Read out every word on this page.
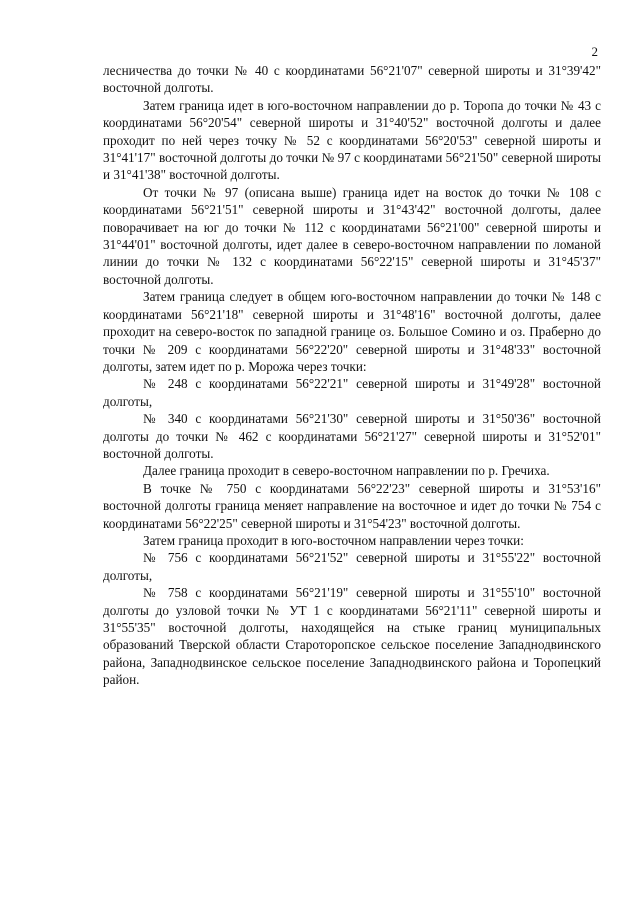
2

лесничества до точки № 40 с координатами 56°21'07" северной широты и 31°39'42" восточной долготы.

Затем граница идет в юго-восточном направлении до р. Торопа до точки № 43 с координатами 56°20'54" северной широты и 31°40'52" восточной долготы и далее проходит по ней через точку № 52 с координатами 56°20'53" северной широты и 31°41'17" восточной долготы до точки № 97 с координатами 56°21'50" северной широты и 31°41'38" восточной долготы.

От точки № 97 (описана выше) граница идет на восток до точки № 108 с координатами 56°21'51" северной широты и 31°43'42" восточной долготы, далее поворачивает на юг до точки № 112 с координатами 56°21'00" северной широты и 31°44'01" восточной долготы, идет далее в северо-восточном направлении по ломаной линии до точки № 132 с координатами 56°22'15" северной широты и 31°45'37" восточной долготы.

Затем граница следует в общем юго-восточном направлении до точки № 148 с координатами 56°21'18" северной широты и 31°48'16" восточной долготы, далее проходит на северо-восток по западной границе оз. Большое Сомино и оз. Праберно до точки № 209 с координатами 56°22'20" северной широты и 31°48'33" восточной долготы, затем идет по р. Морожа через точки:

№ 248 с координатами 56°22'21" северной широты и 31°49'28" восточной долготы,

№ 340 с координатами 56°21'30" северной широты и 31°50'36" восточной долготы до точки № 462 с координатами 56°21'27" северной широты и 31°52'01" восточной долготы.

Далее граница проходит в северо-восточном направлении по р. Гречиха.

В точке № 750 с координатами 56°22'23" северной широты и 31°53'16" восточной долготы граница меняет направление на восточное и идет до точки № 754 с координатами 56°22'25" северной широты и 31°54'23" восточной долготы.

Затем граница проходит в юго-восточном направлении через точки:

№ 756 с координатами 56°21'52" северной широты и 31°55'22" восточной долготы,

№ 758 с координатами 56°21'19" северной широты и 31°55'10" восточной долготы до узловой точки № УТ 1 с координатами 56°21'11" северной широты и 31°55'35" восточной долготы, находящейся на стыке границ муниципальных образований Тверской области Старотoропское сельское поселение Западнодвинского района, Западнодвинское сельское поселение Западнодвинского района и Торопецкий район.
